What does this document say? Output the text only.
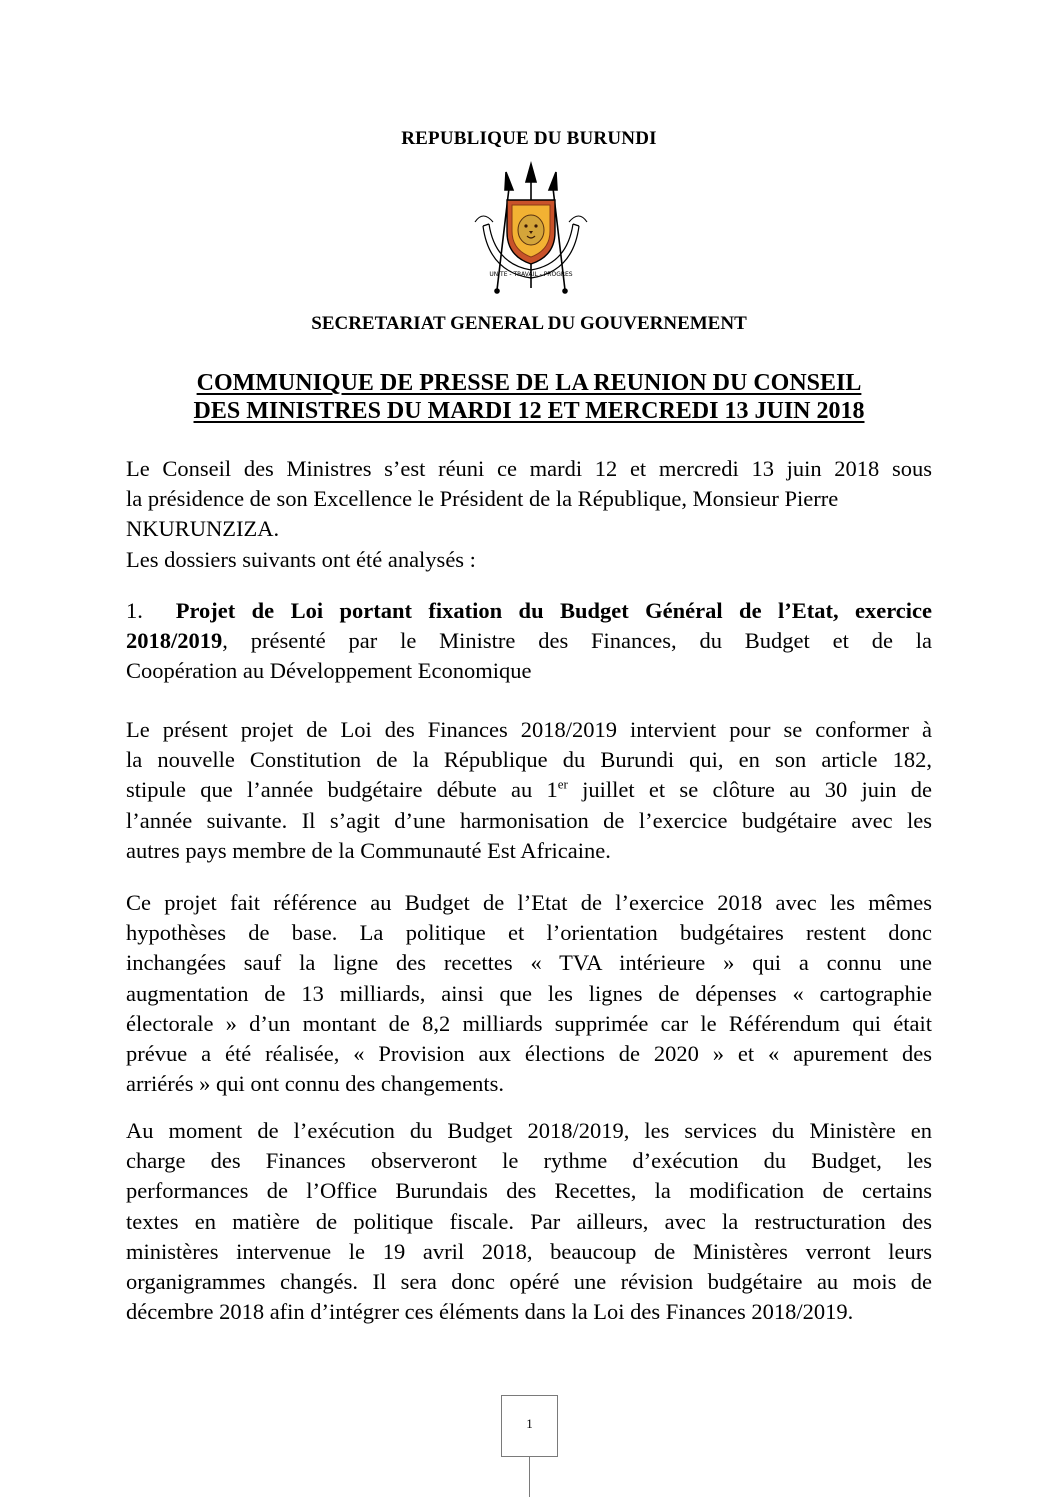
REPUBLIQUE DU BURUNDI
UNITE - TRAVAIL - PROGRES
SECRETARIAT GENERAL DU GOUVERNEMENT
COMMUNIQUE DE PRESSE DE LA REUNION DU CONSEIL
DES MINISTRES DU MARDI 12 ET MERCREDI 13 JUIN 2018
Le Conseil des Ministres s’est réuni ce mardi 12 et mercredi 13 juin 2018 sous
la présidence de son Excellence le Président de la République, Monsieur Pierre
NKURUNZIZA.
Les dossiers suivants ont été analysés :
1. Projet de Loi portant fixation du Budget Général de l’Etat, exercice
2018/2019, présenté par le Ministre des Finances, du Budget et de la
Coopération au Développement Economique
Le présent projet de Loi des Finances 2018/2019 intervient pour se conformer à
la nouvelle Constitution de la République du Burundi qui, en son article 182,
stipule que l’année budgétaire débute au 1er juillet et se clôture au 30 juin de
l’année suivante. Il s’agit d’une harmonisation de l’exercice budgétaire avec les
autres pays membre de la Communauté Est Africaine.
Ce projet fait référence au Budget de l’Etat de l’exercice 2018 avec les mêmes
hypothèses de base. La politique et l’orientation budgétaires restent donc
inchangées sauf la ligne des recettes « TVA intérieure » qui a connu une
augmentation de 13 milliards, ainsi que les lignes de dépenses « cartographie
électorale » d’un montant de 8,2 milliards supprimée car le Référendum qui était
prévue a été réalisée, « Provision aux élections de 2020 » et « apurement des
arriérés » qui ont connu des changements.
Au moment de l’exécution du Budget 2018/2019, les services du Ministère en
charge des Finances observeront le rythme d’exécution du Budget, les
performances de l’Office Burundais des Recettes, la modification de certains
textes en matière de politique fiscale. Par ailleurs, avec la restructuration des
ministères intervenue le 19 avril 2018, beaucoup de Ministères verront leurs
organigrammes changés. Il sera donc opéré une révision budgétaire au mois de
décembre 2018 afin d’intégrer ces éléments dans la Loi des Finances 2018/2019.
1
